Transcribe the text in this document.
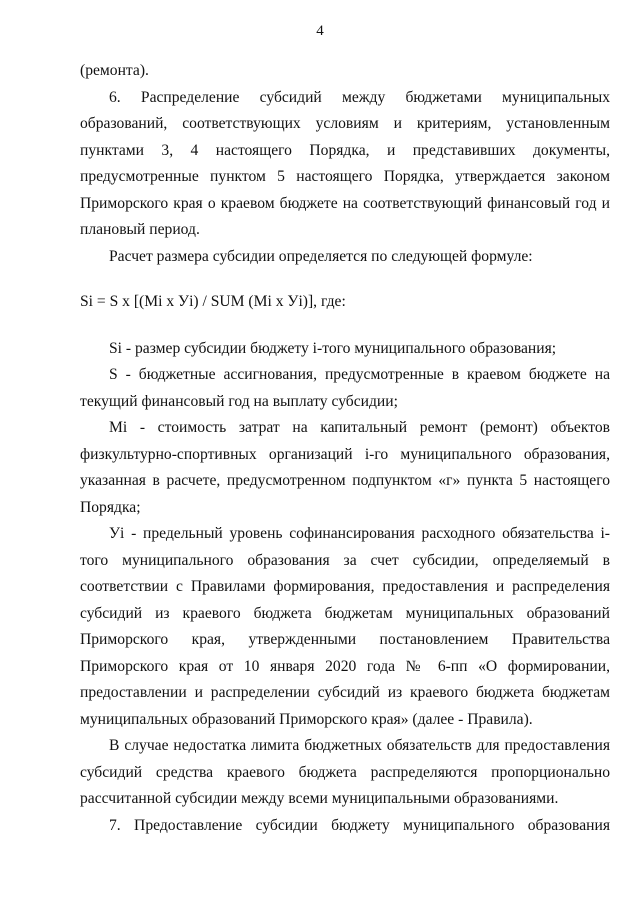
4

(ремонта).

6. Распределение субсидий между бюджетами муниципальных образований, соответствующих условиям и критериям, установленным пунктами 3, 4 настоящего Порядка, и представивших документы, предусмотренные пунктом 5 настоящего Порядка, утверждается законом Приморского края о краевом бюджете на соответствующий финансовый год и плановый период.

Расчет размера субсидии определяется по следующей формуле:

Si = S x [(Mi x Уi) / SUM (Mi x Уi)], где:

Si - размер субсидии бюджету i-того муниципального образования;

S - бюджетные ассигнования, предусмотренные в краевом бюджете на текущий финансовый год на выплату субсидии;

Mi - стоимость затрат на капитальный ремонт (ремонт) объектов физкультурно-спортивных организаций i-го муниципального образования, указанная в расчете, предусмотренном подпунктом «г» пункта 5 настоящего Порядка;

Уi - предельный уровень софинансирования расходного обязательства i-того муниципального образования за счет субсидии, определяемый в соответствии с Правилами формирования, предоставления и распределения субсидий из краевого бюджета бюджетам муниципальных образований Приморского края, утвержденными постановлением Правительства Приморского края от 10 января 2020 года № 6-пп «О формировании, предоставлении и распределении субсидий из краевого бюджета бюджетам муниципальных образований Приморского края» (далее - Правила).

В случае недостатка лимита бюджетных обязательств для предоставления субсидий средства краевого бюджета распределяются пропорционально рассчитанной субсидии между всеми муниципальными образованиями.

7. Предоставление субсидии бюджету муниципального образования
